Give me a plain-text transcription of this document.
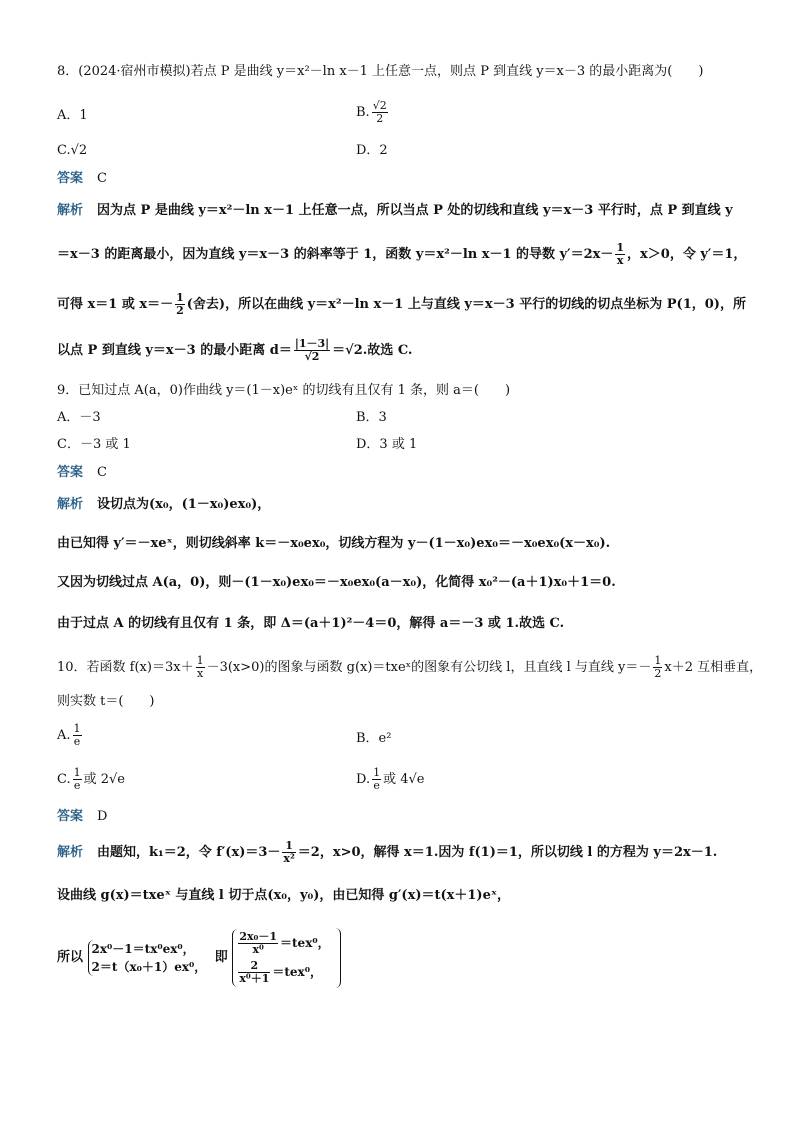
8．(2024·宿州市模拟)若点 P 是曲线 y＝x²－ln x－1 上任意一点，则点 P 到直线 y＝x－3 的最小距离为(　　)
A．1	B. $\frac{√2}{2}$
C.√2	D．2
答案 C
解析 因为点 P 是曲线 y＝x²－ln x－1 上任意一点，所以当点 P 处的切线和直线 y＝x－3 平行时，点 P 到直线 y
＝x－3 的距离最小，因为直线 y＝x－3 的斜率等于 1，函数 y＝x²－ln x－1 的导数 $y'=2x- \frac{1}{x}$ ，x＞0，令 y′＝1，
可得 x＝1 或 $x=- \frac{1}{2}$ (舍去)，所以在曲线 y＝x²－ln x－1 上与直线 y＝x－3 平行的切线的切点坐标为 P(1，0)，所
以点 P 到直线 y＝x－3 的最小距离 $d= \frac{|1-3|}{√2} =√2$.故选 C.
9．已知过点 A(a，0)作曲线 y＝(1－x)eˣ 的切线有且仅有 1 条，则 a＝(　　)
A．－3	B．3
C．－3 或 1	D．3 或 1
答案 C
解析 设切点为(x₀，(1－x₀)ex₀)，
由已知得 y′＝－xeˣ，则切线斜率 k＝－x₀ex₀，切线方程为 y－(1－x₀)ex₀＝－x₀ex₀(x－x₀).
又因为切线过点 A(a，0)，则－(1－x₀)ex₀＝－x₀ex₀(a－x₀)，化简得 x₀²－(a＋1)x₀＋1＝0.
由于过点 A 的切线有且仅有 1 条，即 Δ＝(a＋1)²－4＝0，解得 a＝－3 或 1.故选 C.
10．若函数 $f(x)=3x+ \frac{1}{x} -3(x>0)$的图象与函数 g(x)＝txeˣ的图象有公切线 l，且直线 l 与直线 $y=- \frac{1}{2} x+2$ 互相垂直，
则实数 t＝(　　)
A. $\frac{1}{e}$	B．e²
C. $\frac{1}{e}$ 或 2√e	D. $\frac{1}{e}$ 或 4√e
答案 D
解析 由题知，k₁＝2，令 $f'(x)=3- \frac{1}{\text{x²}} =2$，x>0，解得 x＝1.因为 f(1)＝1，所以切线 l 的方程为 y＝2x－1.
设曲线 g(x)＝txeˣ 与直线 l 切于点(x₀，y₀)，由已知得 g′(x)＝t(x＋1)eˣ，
所以
2x⁰－1＝tx⁰ex⁰，
2＝t（x₀＋1）ex⁰，
即
$\frac{\text{2x₀－1}}{\text{x⁰}} =tex^0$，
$\frac{2}{\text{x⁰＋1}} =tex^0$，
